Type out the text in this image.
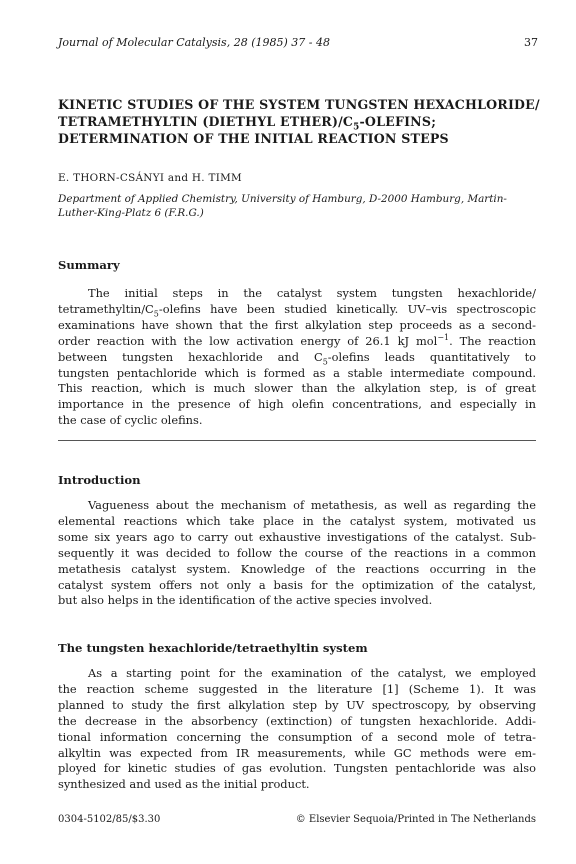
Journal of Molecular Catalysis, 28 (1985) 37 - 48	37
KINETIC STUDIES OF THE SYSTEM TUNGSTEN HEXACHLORIDE/
TETRAMETHYLTIN (DIETHYL $ETHER)/C_5$-OLEFINS;
DETERMINATION OF THE INITIAL REACTION STEPS
E. THORN-CSÁNYI and H. TIMM
Department of Applied Chemistry, University of Hamburg, D-2000 Hamburg, Martin-
Luther-King-Platz 6 (F.R.G.)
Summary

The initial steps in the catalyst system tungsten hexachloride/
tetramethyltin/$C_5$-olefins have been studied kinetically. UV–vis spectroscopic
examinations have shown that the first alkylation step proceeds as a second-
order reaction with the low activation energy of 26.1 kJ mol$^{-1}$. The reaction
between tungsten hexachloride and $C_5$-olefins leads quantitatively to
tungsten pentachloride which is formed as a stable intermediate compound.
This reaction, which is much slower than the alkylation step, is of great
importance in the presence of high olefin concentrations, and especially in
the case of cyclic olefins.

Introduction

Vagueness about the mechanism of metathesis, as well as regarding the
elemental reactions which take place in the catalyst system, motivated us
some six years ago to carry out exhaustive investigations of the catalyst. Sub-
sequently it was decided to follow the course of the reactions in a common
metathesis catalyst system. Knowledge of the reactions occurring in the
catalyst system offers not only a basis for the optimization of the catalyst,
but also helps in the identification of the active species involved.

The tungsten hexachloride/tetraethyltin system

As a starting point for the examination of the catalyst, we employed
the reaction scheme suggested in the literature [1] (Scheme 1). It was
planned to study the first alkylation step by UV spectroscopy, by observing
the decrease in the absorbency (extinction) of tungsten hexachloride. Addi-
tional information concerning the consumption of a second mole of tetra-
alkyltin was expected from IR measurements, while GC methods were em-
ployed for kinetic studies of gas evolution. Tungsten pentachloride was also
synthesized and used as the initial product.

0304-5102/85/$3.30	© Elsevier Sequoia/Printed in The Netherlands
